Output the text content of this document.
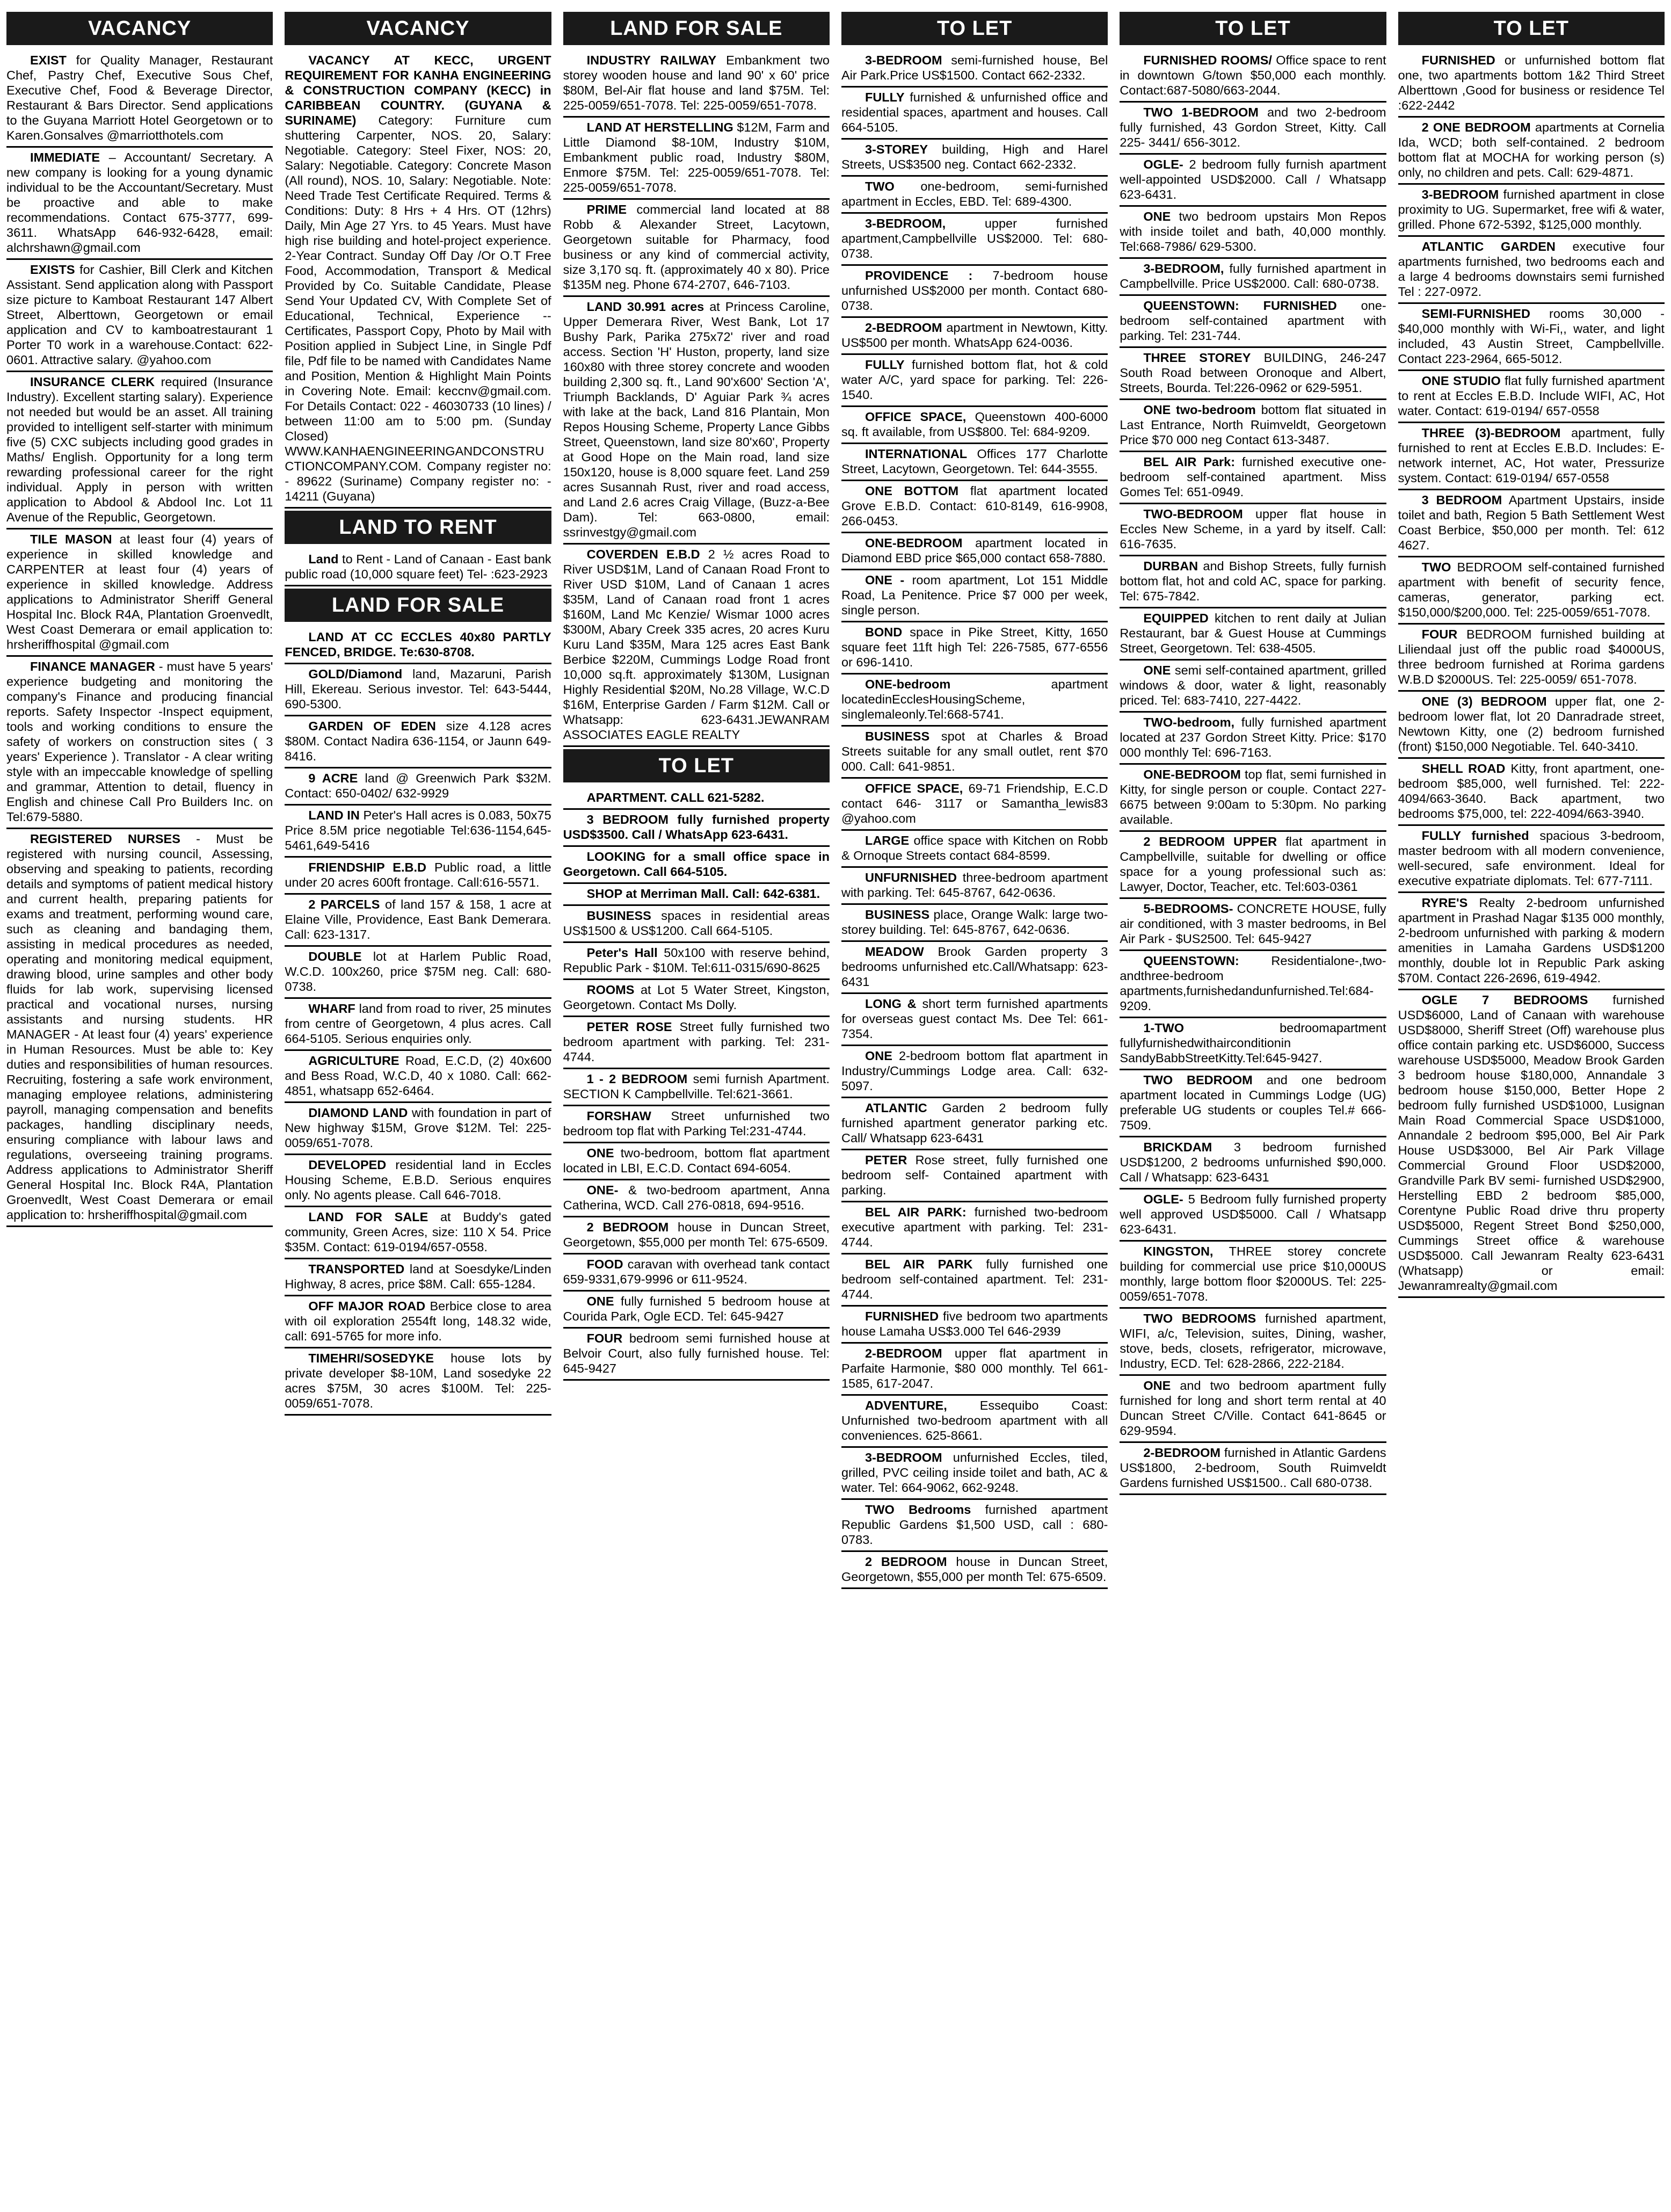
VACANCY
EXIST for Quality Manager, Restaurant Chef, Pastry Chef, Executive Sous Chef, Executive Chef, Food & Beverage Director, Restaurant & Bars Director. Send applications to the Guyana Marriott Hotel Georgetown or to Karen.Gonsalves @marriotthotels.com
IMMEDIATE – Accountant/ Secretary. A new company is looking for a young dynamic individual to be the Accountant/Secretary. Must be proactive and able to make recommendations. Contact 675-3777, 699-3611. WhatsApp 646-932-6428, email: alchrshawn@gmail.com
EXISTS for Cashier, Bill Clerk and Kitchen Assistant. Send application along with Passport size picture to Kamboat Restaurant 147 Albert Street, Alberttown, Georgetown or email application and CV to kamboatrestaurant 1 Porter T0 work in a warehouse.Contact: 622-0601. Attractive salary. @yahoo.com
INSURANCE CLERK required (Insurance Industry). Excellent starting salary). Experience not needed but would be an asset. All training provided to intelligent self-starter with minimum five (5) CXC subjects including good grades in Maths/ English. Opportunity for a long term rewarding professional career for the right individual. Apply in person with written application to Abdool & Abdool Inc. Lot 11 Avenue of the Republic, Georgetown.
TILE MASON at least four (4) years of experience in skilled knowledge and CARPENTER at least four (4) years of experience in skilled knowledge. Address applications to Administrator Sheriff General Hospital Inc. Block R4A, Plantation Groenvedlt, West Coast Demerara or email application to: hrsheriffhospital @gmail.com
FINANCE MANAGER - must have 5 years' experience budgeting and monitoring the company's Finance and producing financial reports. Safety Inspector -Inspect equipment, tools and working conditions to ensure the safety of workers on construction sites ( 3 years' Experience ). Translator - A clear writing style with an impeccable knowledge of spelling and grammar, Attention to detail, fluency in English and chinese Call Pro Builders Inc. on Tel:679-5880.
REGISTERED NURSES - Must be registered with nursing council, Assessing, observing and speaking to patients, recording details and symptoms of patient medical history and current health, preparing patients for exams and treatment, performing wound care, such as cleaning and bandaging them, assisting in medical procedures as needed, operating and monitoring medical equipment, drawing blood, urine samples and other body fluids for lab work, supervising licensed practical and vocational nurses, nursing assistants and nursing students. HR MANAGER - At least four (4) years' experience in Human Resources. Must be able to: Key duties and responsibilities of human resources. Recruiting, fostering a safe work environment, managing employee relations, administering payroll, managing compensation and benefits packages, handling disciplinary needs, ensuring compliance with labour laws and regulations, overseeing training programs. Address applications to Administrator Sheriff General Hospital Inc. Block R4A, Plantation Groenvedlt, West Coast Demerara or email application to: hrsheriffhospital@gmail.com
VACANCY
VACANCY AT KECC, URGENT REQUIREMENT FOR KANHA ENGINEERING & CONSTRUCTION COMPANY (KECC) in CARIBBEAN COUNTRY. (GUYANA & SURINAME) Category: Furniture cum shuttering Carpenter, NOS. 20, Salary: Negotiable. Category: Steel Fixer, NOS: 20, Salary: Negotiable. Category: Concrete Mason (All round), NOS. 10, Salary: Negotiable. Note: Need Trade Test Certificate Required. Terms & Conditions: Duty: 8 Hrs + 4 Hrs. OT (12hrs) Daily, Min Age 27 Yrs. to 45 Years. Must have high rise building and hotel-project experience. 2-Year Contract. Sunday Off Day /Or O.T Free Food, Accommodation, Transport & Medical Provided by Co. Suitable Candidate, Please Send Your Updated CV, With Complete Set of Educational, Technical, Experience -- Certificates, Passport Copy, Photo by Mail with Position applied in Subject Line, in Single Pdf file, Pdf file to be named with Candidates Name and Position, Mention & Highlight Main Points in Covering Note. Email: keccnv@gmail.com. For Details Contact: 022 - 46030733 (10 lines) / between 11:00 am to 5:00 pm. (Sunday Closed) WWW.KANHAENGINEERINGANDCONSTRUCTIONCOMPANY.COM. Company register no: - 89622 (Suriname) Company register no: - 14211 (Guyana)
LAND TO RENT
Land to Rent - Land of Canaan - East bank public road (10,000 square feet) Tel- :623-2923
LAND FOR SALE
LAND AT CC ECCLES 40x80 PARTLY FENCED, BRIDGE. Te:630-8708.
GOLD/Diamond land, Mazaruni, Parish Hill, Ekereau. Serious investor. Tel: 643-5444, 690-5300.
GARDEN OF EDEN size 4.128 acres $80M. Contact Nadira 636-1154, or Jaunn 649-8416.
9 ACRE land @ Greenwich Park $32M. Contact: 650-0402/ 632-9929
LAND IN Peter's Hall acres is 0.083, 50x75 Price 8.5M price negotiable Tel:636-1154,645-5461,649-5416
FRIENDSHIP E.B.D Public road, a little under 20 acres 600ft frontage. Call:616-5571.
2 PARCELS of land 157 & 158, 1 acre at Elaine Ville, Providence, East Bank Demerara. Call: 623-1317.
DOUBLE lot at Harlem Public Road, W.C.D. 100x260, price $75M neg. Call: 680-0738.
WHARF land from road to river, 25 minutes from centre of Georgetown, 4 plus acres. Call 664-5105. Serious enquiries only.
AGRICULTURE Road, E.C.D, (2) 40x600 and Bess Road, W.C.D, 40 x 1080. Call: 662-4851, whatsapp 652-6464.
DIAMOND LAND with foundation in part of New highway $15M, Grove $12M. Tel: 225-0059/651-7078.
DEVELOPED residential land in Eccles Housing Scheme, E.B.D. Serious enquires only. No agents please. Call 646-7018.
LAND FOR SALE at Buddy's gated community, Green Acres, size: 110 X 54. Price $35M. Contact: 619-0194/657-0558.
TRANSPORTED land at Soesdyke/Linden Highway, 8 acres, price $8M. Call: 655-1284.
OFF MAJOR ROAD Berbice close to area with oil exploration 2554ft long, 148.32 wide, call: 691-5765 for more info.
TIMEHRI/SOSEDYKE house lots by private developer $8-10M, Land sosedyke 22 acres $75M, 30 acres $100M. Tel: 225-0059/651-7078.
LAND FOR SALE
INDUSTRY RAILWAY Embankment two storey wooden house and land 90' x 60' price $80M, Bel-Air flat house and land $75M. Tel: 225-0059/651-7078. Tel: 225-0059/651-7078.
LAND AT HERSTELLING $12M, Farm and Little Diamond $8-10M, Industry $10M, Embankment public road, Industry $80M, Enmore $75M. Tel: 225-0059/651-7078. Tel: 225-0059/651-7078.
PRIME commercial land located at 88 Robb & Alexander Street, Lacytown, Georgetown suitable for Pharmacy, food business or any kind of commercial activity, size 3,170 sq. ft. (approximately 40 x 80). Price $135M neg. Phone 674-2707, 646-7103.
LAND 30.991 acres at Princess Caroline, Upper Demerara River, West Bank, Lot 17 Bushy Park, Parika 275x72' river and road access. Section 'H' Huston, property, land size 160x80 with three storey concrete and wooden building 2,300 sq. ft., Land 90'x600' Section 'A', Triumph Backlands, D' Aguiar Park ¾ acres with lake at the back, Land 816 Plantain, Mon Repos Housing Scheme, Property Lance Gibbs Street, Queenstown, land size 80'x60', Property at Good Hope on the Main road, land size 150x120, house is 8,000 square feet. Land 259 acres Susannah Rust, river and road access, and Land 2.6 acres Craig Village, (Buzz-a-Bee Dam). Tel: 663-0800, email: ssrinvestgy@gmail.com
COVERDEN E.B.D 2 ½ acres Road to River USD$1M, Land of Canaan Road Front to River USD $10M, Land of Canaan 1 acres $35M, Land of Canaan road front 1 acres $160M, Land Mc Kenzie/ Wismar 1000 acres $300M, Abary Creek 335 acres, 20 acres Kuru Kuru Land $35M, Mara 125 acres East Bank Berbice $220M, Cummings Lodge Road front 10,000 sq.ft. approximately $130M, Lusignan Highly Residential $20M, No.28 Village, W.C.D $16M, Enterprise Garden / Farm $12M. Call or Whatsapp: 623-6431.JEWANRAM ASSOCIATES EAGLE REALTY
TO LET
APARTMENT. CALL 621-5282.
3 BEDROOM fully furnished property USD$3500. Call / WhatsApp 623-6431.
LOOKING for a small office space in Georgetown. Call 664-5105.
SHOP at Merriman Mall. Call: 642-6381.
BUSINESS spaces in residential areas US$1500 & US$1200. Call 664-5105.
Peter's Hall 50x100 with reserve behind, Republic Park - $10M. Tel:611-0315/690-8625
ROOMS at Lot 5 Water Street, Kingston, Georgetown. Contact Ms Dolly.
PETER ROSE Street fully furnished two bedroom apartment with parking. Tel: 231-4744.
1 - 2 BEDROOM semi furnish Apartment. SECTION K Campbellville. Tel:621-3661.
FORSHAW Street unfurnished two bedroom top flat with Parking Tel:231-4744.
ONE two-bedroom, bottom flat apartment located in LBI, E.C.D. Contact 694-6054.
ONE- & two-bedroom apartment, Anna Catherina, WCD. Call 276-0818, 694-9516.
2 BEDROOM house in Duncan Street, Georgetown, $55,000 per month Tel: 675-6509.
FOOD caravan with overhead tank contact 659-9331,679-9996 or 611-9524.
ONE fully furnished 5 bedroom house at Courida Park, Ogle ECD. Tel: 645-9427
FOUR bedroom semi furnished house at Belvoir Court, also fully furnished house. Tel: 645-9427
TO LET
3-BEDROOM semi-furnished house, Bel Air Park.Price US$1500. Contact 662-2332.
FULLY furnished & unfurnished office and residential spaces, apartment and houses. Call 664-5105.
3-STOREY building, High and Harel Streets, US$3500 neg. Contact 662-2332.
TWO one-bedroom, semi-furnished apartment in Eccles, EBD. Tel: 689-4300.
3-BEDROOM,	upper furnished apartment,Campbellville US$2000. Tel: 680-0738.
PROVIDENCE : 7-bedroom house unfurnished US$2000 per month. Contact 680-0738.
2-BEDROOM apartment in Newtown, Kitty. US$500 per month. WhatsApp 624-0036.
FULLY furnished bottom flat, hot & cold water A/C, yard space for parking. Tel: 226-1540.
OFFICE SPACE, Queenstown 400-6000 sq. ft available, from US$800. Tel: 684-9209.
INTERNATIONAL Offices 177 Charlotte Street, Lacytown, Georgetown. Tel: 644-3555.
ONE BOTTOM flat apartment located Grove E.B.D. Contact: 610-8149, 616-9908, 266-0453.
ONE-BEDROOM apartment located in Diamond EBD price $65,000 contact 658-7880.
ONE - room apartment, Lot 151 Middle Road, La Penitence. Price $7 000 per week, single person.
BOND space in Pike Street, Kitty, 1650 square feet 11ft high Tel: 226-7585, 677-6556 or 696-1410.
ONE-bedroom	apartment locatedinEcclesHousingScheme, singlemaleonly.Tel:668-5741.
BUSINESS spot at Charles & Broad Streets suitable for any small outlet, rent $70 000. Call: 641-9851.
OFFICE SPACE, 69-71 Friendship, E.C.D contact 646- 3117 or Samantha_lewis83 @yahoo.com
LARGE office space with Kitchen on Robb & Ornoque Streets contact 684-8599.
UNFURNISHED three-bedroom apartment with parking. Tel: 645-8767, 642-0636.
BUSINESS place, Orange Walk: large two-storey building. Tel: 645-8767, 642-0636.
MEADOW Brook Garden property 3 bedrooms unfurnished etc.Call/Whatsapp: 623-6431
LONG & short term furnished apartments for overseas guest contact Ms. Dee Tel: 661-7354.
ONE 2-bedroom bottom flat apartment in Industry/Cummings Lodge area. Call: 632-5097.
ATLANTIC Garden 2 bedroom fully furnished apartment generator parking etc. Call/ Whatsapp 623-6431
PETER Rose street, fully furnished one bedroom self- Contained apartment with parking.
BEL AIR PARK: furnished two-bedroom executive apartment with parking. Tel: 231-4744.
BEL AIR PARK fully furnished one bedroom self-contained apartment. Tel: 231-4744.
FURNISHED five bedroom two apartments house Lamaha US$3.000 Tel 646-2939
2-BEDROOM upper flat apartment in Parfaite Harmonie, $80 000 monthly. Tel 661-1585, 617-2047.
ADVENTURE,	Essequibo Coast: Unfurnished two-bedroom apartment with all conveniences. 625-8661.
3-BEDROOM unfurnished Eccles, tiled, grilled, PVC ceiling inside toilet and bath, AC & water. Tel: 664-9062, 662-9248.
TWO Bedrooms furnished apartment Republic Gardens $1,500 USD, call : 680-0783.
2 BEDROOM house in Duncan Street, Georgetown, $55,000 per month Tel: 675-6509.
TO LET
FURNISHED ROOMS/ Office space to rent in downtown G/town $50,000 each monthly. Contact:687-5080/663-2044.
TWO 1-BEDROOM and two 2-bedroom fully furnished, 43 Gordon Street, Kitty. Call 225- 3441/ 656-3012.
OGLE- 2 bedroom fully furnish apartment well-appointed USD$2000. Call / Whatsapp 623-6431.
ONE two bedroom upstairs Mon Repos with inside toilet and bath, 40,000 monthly. Tel:668-7986/ 629-5300.
3-BEDROOM, fully furnished apartment in Campbellville. Price US$2000. Call: 680-0738.
QUEENSTOWN: FURNISHED one-bedroom self-contained apartment with parking. Tel: 231-744.
THREE STOREY BUILDING, 246-247 South Road between Oronoque and Albert, Streets, Bourda. Tel:226-0962 or 629-5951.
ONE two-bedroom bottom flat situated in Last Entrance, North Ruimveldt, Georgetown Price $70 000 neg Contact 613-3487.
BEL AIR Park: furnished executive one-bedroom self-contained apartment. Miss Gomes Tel: 651-0949.
TWO-BEDROOM upper flat house in Eccles New Scheme, in a yard by itself. Call: 616-7635.
DURBAN and Bishop Streets, fully furnish bottom flat, hot and cold AC, space for parking. Tel: 675-7842.
EQUIPPED kitchen to rent daily at Julian Restaurant, bar & Guest House at Cummings Street, Georgetown. Tel: 638-4505.
ONE semi self-contained apartment, grilled windows & door, water & light, reasonably priced. Tel: 683-7410, 227-4422.
TWO-bedroom, fully furnished apartment located at 237 Gordon Street Kitty. Price: $170 000 monthly Tel: 696-7163.
ONE-BEDROOM top flat, semi furnished in Kitty, for single person or couple. Contact 227-6675 between 9:00am to 5:30pm. No parking available.
2 BEDROOM UPPER flat apartment in Campbellville, suitable for dwelling or office space for a young professional such as: Lawyer, Doctor, Teacher, etc. Tel:603-0361
5-BEDROOMS- CONCRETE HOUSE, fully air conditioned, with 3 master bedrooms, in Bel Air Park - $US2500. Tel: 645-9427
QUEENSTOWN:	Residentialone-,two-andthree-bedroom apartments,furnishedandunfurnished.Tel:684-9209.
1-TWO	bedroomapartment fullyfurnishedwithairconditionin SandyBabbStreetKitty.Tel:645-9427.
TWO BEDROOM and one bedroom apartment located in Cummings Lodge (UG) preferable UG students or couples Tel.# 666-7509.
BRICKDAM 3 bedroom furnished USD$1200, 2 bedrooms unfurnished $90,000. Call / Whatsapp: 623-6431
OGLE- 5 Bedroom fully furnished property well approved USD$5000. Call / Whatsapp 623-6431.
KINGSTON, THREE storey concrete building for commercial use price $10,000US monthly, large bottom floor $2000US. Tel: 225-0059/651-7078.
TWO BEDROOMS furnished apartment, WIFI, a/c, Television, suites, Dining, washer, stove, beds, closets, refrigerator, microwave, Industry, ECD. Tel: 628-2866, 222-2184.
ONE and two bedroom apartment fully furnished for long and short term rental at 40 Duncan Street C/Ville. Contact 641-8645 or 629-9594.
2-BEDROOM furnished in Atlantic Gardens US$1800, 2-bedroom, South Ruimveldt Gardens furnished US$1500.. Call 680-0738.
TO LET
FURNISHED or unfurnished bottom flat one, two apartments bottom 1&2 Third Street Alberttown ,Good for business or residence Tel :622-2442
2 ONE BEDROOM apartments at Cornelia Ida, WCD; both self-contained. 2 bedroom bottom flat at MOCHA for working person (s) only, no children and pets. Call: 629-4871.
3-BEDROOM furnished apartment in close proximity to UG. Supermarket, free wifi & water, grilled. Phone 672-5392, $125,000 monthly.
ATLANTIC GARDEN executive four apartments furnished, two bedrooms each and a large 4 bedrooms downstairs semi furnished Tel : 227-0972.
SEMI-FURNISHED rooms 30,000 - $40,000 monthly with Wi-Fi,, water, and light included, 43 Austin Street, Campbellville. Contact 223-2964, 665-5012.
ONE STUDIO flat fully furnished apartment to rent at Eccles E.B.D. Include WIFI, AC, Hot water. Contact: 619-0194/ 657-0558
THREE (3)-BEDROOM apartment, fully furnished to rent at Eccles E.B.D. Includes: E-network internet, AC, Hot water, Pressurize system. Contact: 619-0194/ 657-0558
3 BEDROOM Apartment Upstairs, inside toilet and bath, Region 5 Bath Settlement West Coast Berbice, $50,000 per month. Tel: 612 4627.
TWO BEDROOM self-contained furnished apartment with benefit of security fence, cameras, generator, parking ect. $150,000/$200,000. Tel: 225-0059/651-7078.
FOUR BEDROOM furnished building at Liliendaal just off the public road $4000US, three bedroom furnished at Rorima gardens W.B.D $2000US. Tel: 225-0059/ 651-7078.
ONE (3) BEDROOM upper flat, one 2-bedroom lower flat, lot 20 Danradrade street, Newtown Kitty, one (2) bedroom furnished (front) $150,000 Negotiable. Tel. 640-3410.
SHELL ROAD Kitty, front apartment, one-bedroom $85,000, well furnished. Tel: 222-4094/663-3640. Back apartment, two bedrooms $75,000, tel: 222-4094/663-3940.
FULLY furnished spacious 3-bedroom, master bedroom with all modern convenience, well-secured, safe environment. Ideal for executive expatriate diplomats. Tel: 677-7111.
RYRE'S Realty 2-bedroom unfurnished apartment in Prashad Nagar $135 000 monthly, 2-bedroom unfurnished with parking & modern amenities in Lamaha Gardens USD$1200 monthly, double lot in Republic Park asking $70M. Contact 226-2696, 619-4942.
OGLE 7 BEDROOMS furnished USD$6000, Land of Canaan with warehouse USD$8000, Sheriff Street (Off) warehouse plus office contain parking etc. USD$6000, Success warehouse USD$5000, Meadow Brook Garden 3 bedroom house $180,000, Annandale 3 bedroom house $150,000, Better Hope 2 bedroom fully furnished USD$1000, Lusignan Main Road Commercial Space USD$1000, Annandale 2 bedroom $95,000, Bel Air Park House USD$3000, Bel Air Park Village Commercial Ground Floor USD$2000, Grandville Park BV semi- furnished USD$2900, Herstelling EBD 2 bedroom $85,000, Corentyne Public Road drive thru property USD$5000, Regent Street Bond $250,000, Cummings Street office & warehouse USD$5000. Call Jewanram Realty 623-6431 (Whatsapp) or email: Jewanramrealty@gmail.com
